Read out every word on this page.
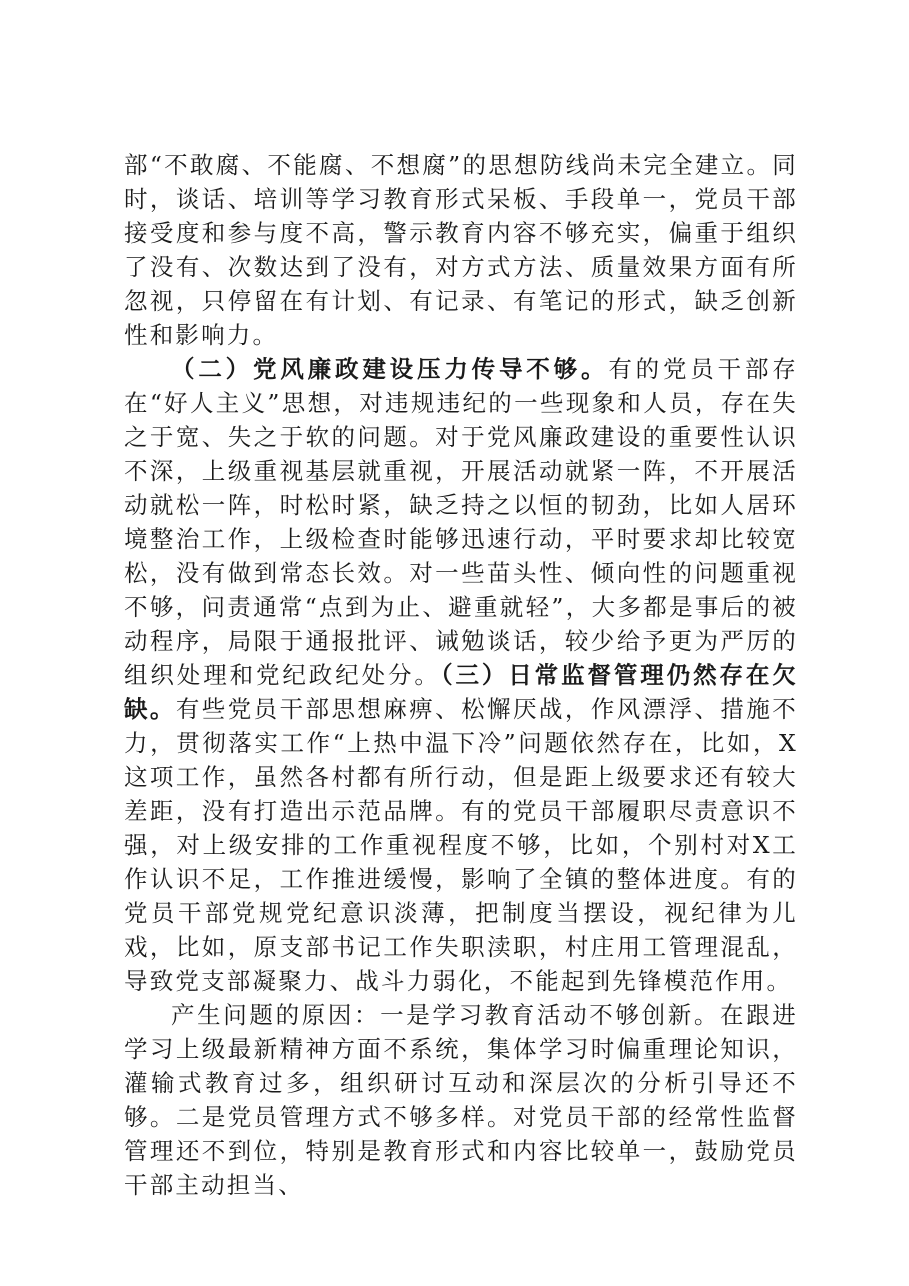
部“不敢腐、不能腐、不想腐”的思想防线尚未完全建立。同时，谈话、培训等学习教育形式呆板、手段单一，党员干部接受度和参与度不高，警示教育内容不够充实，偏重于组织了没有、次数达到了没有，对方式方法、质量效果方面有所忽视，只停留在有计划、有记录、有笔记的形式，缺乏创新性和影响力。

（二）党风廉政建设压力传导不够。有的党员干部存在“好人主义”思想，对违规违纪的一些现象和人员，存在失之于宽、失之于软的问题。对于党风廉政建设的重要性认识不深，上级重视基层就重视，开展活动就紧一阵，不开展活动就松一阵，时松时紧，缺乏持之以恒的韧劲，比如人居环境整治工作，上级检查时能够迅速行动，平时要求却比较宽松，没有做到常态长效。对一些苗头性、倾向性的问题重视不够，问责通常“点到为止、避重就轻”，大多都是事后的被动程序，局限于通报批评、诫勉谈话，较少给予更为严厉的组织处理和党纪政纪处分。（三）日常监督管理仍然存在欠缺。有些党员干部思想麻痹、松懈厌战，作风漂浮、措施不力，贯彻落实工作“上热中温下冷”问题依然存在，比如，X这项工作，虽然各村都有所行动，但是距上级要求还有较大差距，没有打造出示范品牌。有的党员干部履职尽责意识不强，对上级安排的工作重视程度不够，比如，个别村对X工作认识不足，工作推进缓慢，影响了全镇的整体进度。有的党员干部党规党纪意识淡薄，把制度当摆设，视纪律为儿戏，比如，原支部书记工作失职渎职，村庄用工管理混乱，导致党支部凝聚力、战斗力弱化，不能起到先锋模范作用。

产生问题的原因：一是学习教育活动不够创新。在跟进学习上级最新精神方面不系统，集体学习时偏重理论知识，灌输式教育过多，组织研讨互动和深层次的分析引导还不够。二是党员管理方式不够多样。对党员干部的经常性监督管理还不到位，特别是教育形式和内容比较单一，鼓励党员干部主动担当、
